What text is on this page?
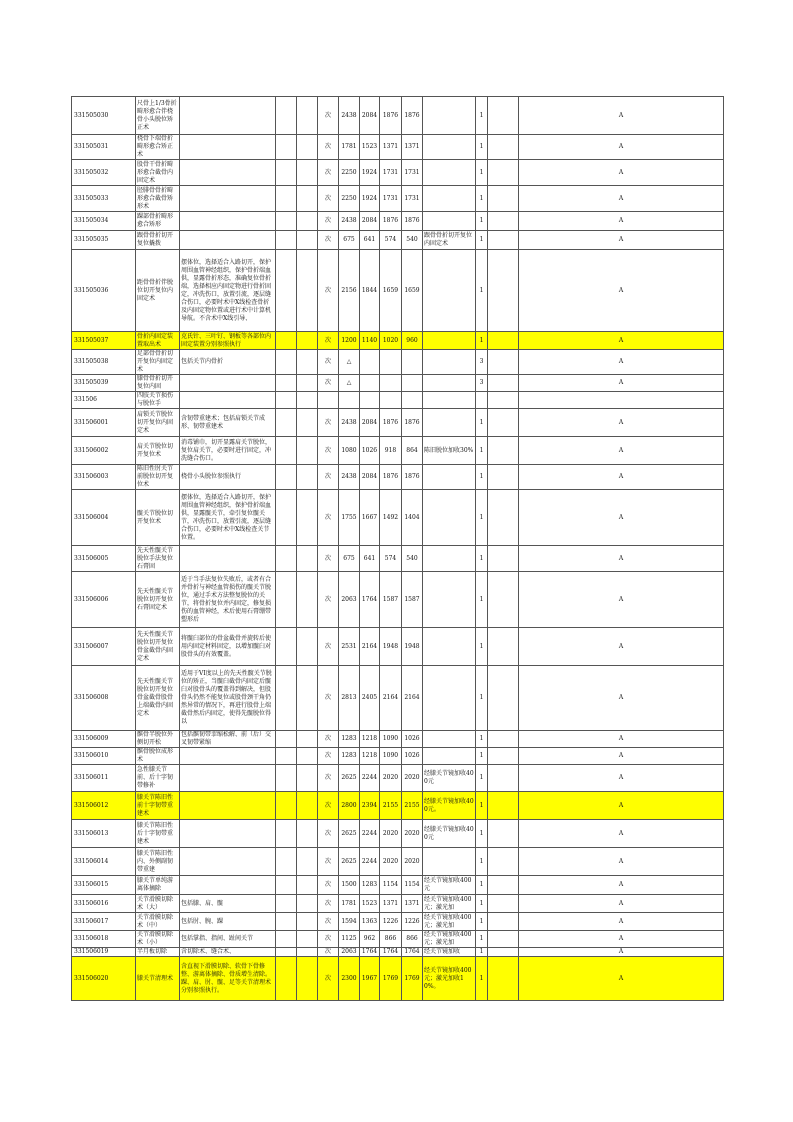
331505030	尺骨上1/3骨折畸形愈合伴桡骨小头脱位矫正术				次	2438	2084	1876	1876		1		A
331505031	桡骨下端骨折畸形愈合矫正术				次	1781	1523	1371	1371		1		A
331505032	股骨干骨折畸形愈合截骨内固定术				次	2250	1924	1731	1731		1		A
331505033	胫腓骨骨折畸形愈合截骨矫形术				次	2250	1924	1731	1731		1		A
331505034	踝部骨折畸形愈合矫形				次	2438	2084	1876	1876		1		A
331505035	跟骨骨折切开复位撬拨				次	675	641	574	540	跟骨骨折切开复位内固定术	1		A
331505036	距骨骨折伴脱位切开复位内固定术	摆体位，选择适合入路切开，保护周围血管神经组织，保护骨折端血供，显露骨折形态，准确复位骨折端，选择相应内固定物进行骨折固定，冲洗伤口，放置引流，逐层缝合伤口，必要时术中X线检查骨折及内固定物位置或进行术中计算机导航。不含术中X线引导、			次	2156	1844	1659	1659		1		A
331505037	骨折内固定装置取出术	克氏针、三叶钉、钢板等各部位内固定装置分别参照执行			次	1200	1140	1020	960		1		A
331505038	足部骨骨折切开复位内固定术	包括关节内骨折			次	△					3		A
331505039	膝骨骨折切开复位内固				次	△					3		A
331506	四肢关节损伤与脱位手												
331506001	肩锁关节脱位切开复位内固定术	含韧带重建术；包括肩锁关节成形、韧带重建术			次	2438	2084	1876	1876		1		A
331506002	肩关节脱位切开复位术	消毒铺巾，切开显露肩关节脱位，复位肩关节，必要时进行固定，冲洗缝合伤口。			次	1080	1026	918	864	陈旧脱位加收30%	1		A
331506003	陈旧性肘关节前脱位切开复位术	桡骨小头脱位参照执行			次	2438	2084	1876	1876		1		A
331506004	髋关节脱位切开复位术	摆体位，选择适合入路切开，保护周围血管神经组织，保护骨折端血供，显露髋关节，牵引复位髋关节，冲洗伤口，放置引流，逐层缝合伤口，必要时术中X线检查关节位置。			次	1755	1667	1492	1404		1		A
331506005	先天性髋关节脱位手法复位石膏固				次	675	641	574	540		1		A
331506006	先天性髋关节脱位切开复位石膏固定术	适于当手法复位失败后，或者有合并骨折与神经血管损伤的髋关节脱位，通过手术方法整复脱位的关节，将骨折复位并内固定，修复损伤的血管神经，术后使用石膏绷带塑形后			次	2063	1764	1587	1587		1		A
331506007	先天性髋关节脱位切开复位骨盆截骨内固定术	将髋臼部位的骨盆截骨并旋转后使用内固定材料固定，以增加髋臼对股骨头的有效覆盖。			次	2531	2164	1948	1948		1		A
331506008	先天性髋关节脱位切开复位骨盆截骨股骨上端截骨内固定术	适用于VI度以上的先天性髋关节脱位的矫正，当髋臼截骨内固定后髋臼对股骨头的覆盖得到解决，但股骨头仍然不能复位或股骨颈干角仍然异常的情况下，再进行股骨上端截骨然后内固定，使得先髋脱位得以			次	2813	2405	2164	2164		1		A
331506009	髌骨半脱位外侧切开松	包括髌韧带挛缩松解、前（后）交叉韧带紧缩			次	1283	1218	1090	1026		1		A
331506010	髌骨脱位成形术				次	1283	1218	1090	1026		1		A
331506011	急性膝关节前、后十字韧带修补				次	2625	2244	2020	2020	经膝关节镜加收400元	1		A
331506012	膝关节陈旧性前十字韧带重建术				次	2800	2394	2155	2155	经膝关节镜加收400元。	1		A
331506013	膝关节陈旧性后十字韧带重建术				次	2625	2244	2020	2020	经膝关节镜加收400元	1		A
331506014	膝关节陈旧性内、外侧副韧带重建				次	2625	2244	2020	2020		1		A
331506015	膝关节单纯游离体摘除				次	1500	1283	1154	1154	经关节镜加收400元	1		A
331506016	关节滑膜切除术（大）	包括膝、肩、髋			次	1781	1523	1371	1371	经关节镜加收400元；激光加	1		A
331506017	关节滑膜切除术（中）	包括肘、腕、踝			次	1594	1363	1226	1226	经关节镜加收400元；激光加	1		A
331506018	关节滑膜切除术（小）	包括掌指、指间、趾间关节			次	1125	962	866	866	经关节镜加收400元；激光加	1		A
331506019	半月板切除	含切除术、缝合术、			次	2063	1764	1764	1764	经关节镜加收	1		A
331506020	膝关节清理术	含直视下滑膜切除、软骨下骨修整、游离体摘除、骨质增生清除。踝、肩、肘、髋、足等关节清理术分别参照执行。			次	2300	1967	1769	1769	经关节镜加收400元；激光加收10%。	1		A
